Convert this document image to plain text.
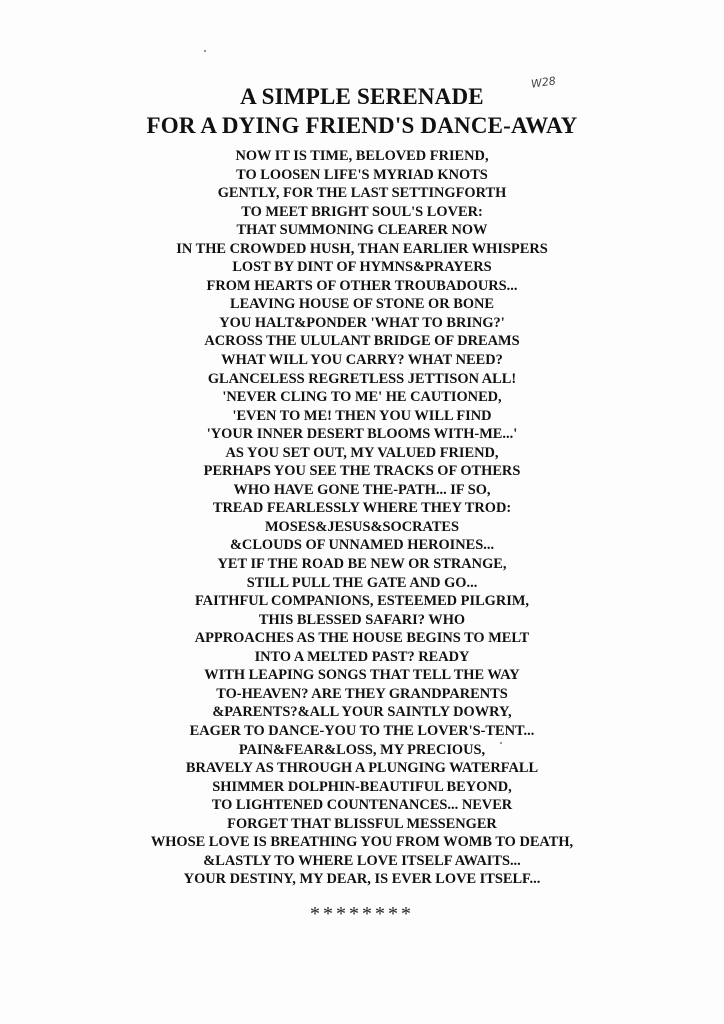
W28
A SIMPLE SERENADE
FOR A DYING FRIEND'S DANCE-AWAY
NOW IT IS TIME, BELOVED FRIEND,
TO LOOSEN LIFE'S MYRIAD KNOTS
GENTLY, FOR THE LAST SETTINGFORTH
TO MEET BRIGHT SOUL'S LOVER:
THAT SUMMONING CLEARER NOW
IN THE CROWDED HUSH, THAN EARLIER WHISPERS
LOST BY DINT OF HYMNS&PRAYERS
FROM HEARTS OF OTHER TROUBADOURS...
LEAVING HOUSE OF STONE OR BONE
YOU HALT&PONDER 'WHAT TO BRING?'
ACROSS THE ULULANT BRIDGE OF DREAMS
WHAT WILL YOU CARRY? WHAT NEED?
GLANCELESS REGRETLESS JETTISON ALL!
'NEVER CLING TO ME' HE CAUTIONED,
'EVEN TO ME! THEN YOU WILL FIND
'YOUR INNER DESERT BLOOMS WITH-ME...'
AS YOU SET OUT, MY VALUED FRIEND,
PERHAPS YOU SEE THE TRACKS OF OTHERS
WHO HAVE GONE THE-PATH... IF SO,
TREAD FEARLESSLY WHERE THEY TROD:
MOSES&JESUS&SOCRATES
&CLOUDS OF UNNAMED HEROINES...
YET IF THE ROAD BE NEW OR STRANGE,
STILL PULL THE GATE AND GO...
FAITHFUL COMPANIONS, ESTEEMED PILGRIM,
THIS BLESSED SAFARI? WHO
APPROACHES AS THE HOUSE BEGINS TO MELT
INTO A MELTED PAST? READY
WITH LEAPING SONGS THAT TELL THE WAY
TO-HEAVEN? ARE THEY GRANDPARENTS
&PARENTS?&ALL YOUR SAINTLY DOWRY,
EAGER TO DANCE-YOU TO THE LOVER'S-TENT...
PAIN&FEAR&LOSS, MY PRECIOUS,
BRAVELY AS THROUGH A PLUNGING WATERFALL
SHIMMER DOLPHIN-BEAUTIFUL BEYOND,
TO LIGHTENED COUNTENANCES... NEVER
FORGET THAT BLISSFUL MESSENGER
WHOSE LOVE IS BREATHING YOU FROM WOMB TO DEATH,
&LASTLY TO WHERE LOVE ITSELF AWAITS...
YOUR DESTINY, MY DEAR, IS EVER LOVE ITSELF...
********
